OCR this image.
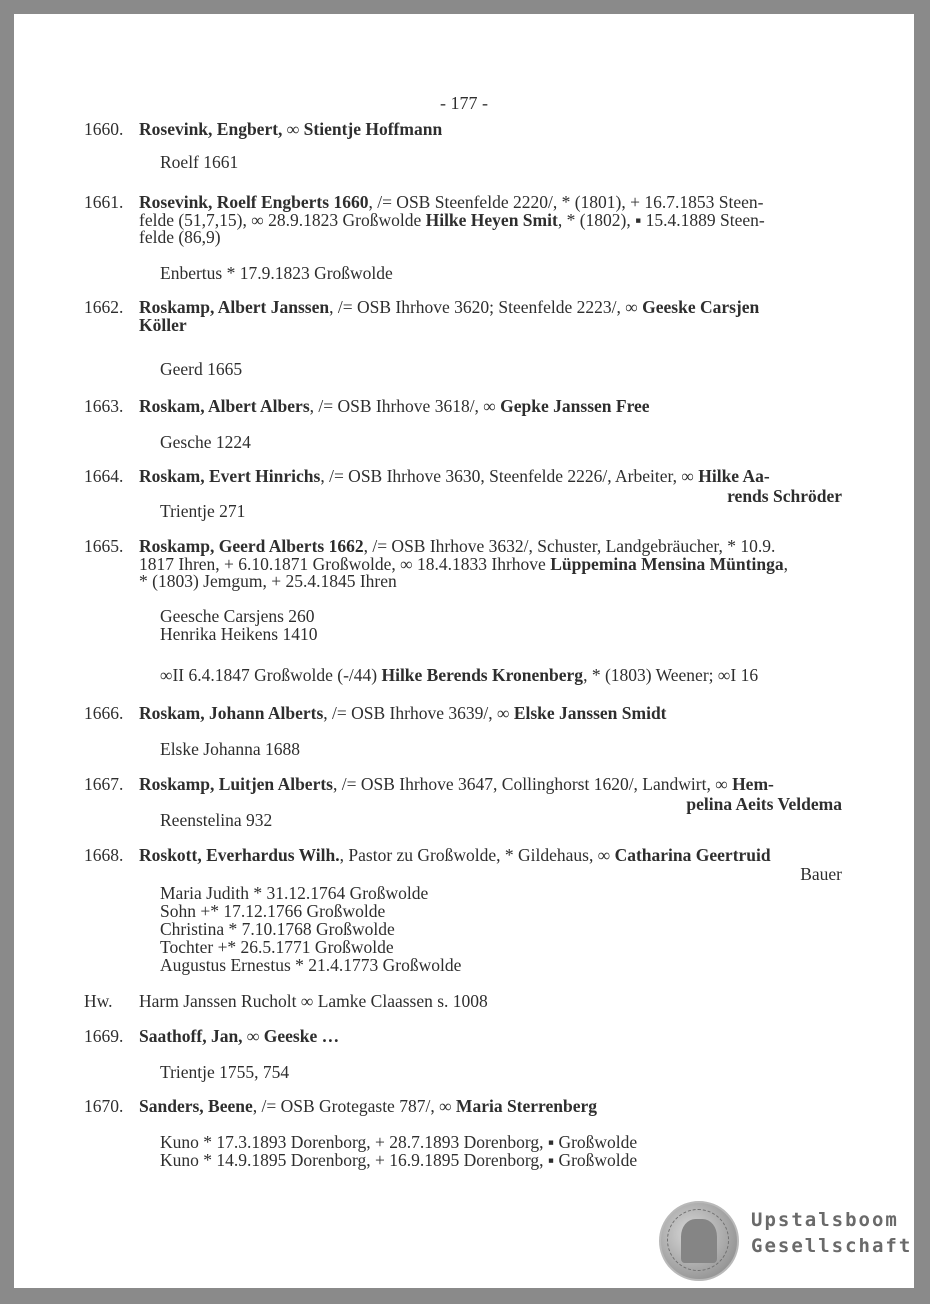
- 177 -
1660. Rosevink, Engbert, ∞ Stientje Hoffmann
Roelf 1661
1661. Rosevink, Roelf Engberts 1660, /= OSB Steenfelde 2220/, * (1801), + 16.7.1853 Steen-
felde (51,7,15), ∞ 28.9.1823 Großwolde Hilke Heyen Smit, * (1802), ▪ 15.4.1889 Steen-
felde (86,9)
Enbertus * 17.9.1823 Großwolde
1662. Roskamp, Albert Janssen, /= OSB Ihrhove 3620; Steenfelde 2223/, ∞ Geeske Carsjen
Köller
Geerd 1665
1663. Roskam, Albert Albers, /= OSB Ihrhove 3618/, ∞ Gepke Janssen Free
Gesche 1224
1664. Roskam, Evert Hinrichs, /= OSB Ihrhove 3630, Steenfelde 2226/, Arbeiter, ∞ Hilke Aa-
rends Schröder
Trientje 271
1665. Roskamp, Geerd Alberts 1662, /= OSB Ihrhove 3632/, Schuster, Landgebräucher, * 10.9.
1817 Ihren, + 6.10.1871 Großwolde, ∞ 18.4.1833 Ihrhove Lüppemina Mensina Müntinga,
* (1803) Jemgum, + 25.4.1845 Ihren
Geesche Carsjens 260
Henrika Heikens 1410
∞II 6.4.1847 Großwolde (-/44) Hilke Berends Kronenberg, * (1803) Weener; ∞I 16
1666. Roskam, Johann Alberts, /= OSB Ihrhove 3639/, ∞ Elske Janssen Smidt
Elske Johanna 1688
1667. Roskamp, Luitjen Alberts, /= OSB Ihrhove 3647, Collinghorst 1620/, Landwirt, ∞ Hem-
pelina Aeits Veldema
Reenstelina 932
1668. Roskott, Everhardus Wilh., Pastor zu Großwolde, * Gildehaus, ∞ Catharina Geertruid
Bauer
Maria Judith * 31.12.1764 Großwolde
Sohn +* 17.12.1766 Großwolde
Christina * 7.10.1768 Großwolde
Tochter +* 26.5.1771 Großwolde
Augustus Ernestus * 21.4.1773 Großwolde
Hw. Harm Janssen Rucholt ∞ Lamke Claassen s. 1008
1669. Saathoff, Jan, ∞ Geeske …
Trientje 1755, 754
1670. Sanders, Beene, /= OSB Grotegaste 787/, ∞ Maria Sterrenberg
Kuno * 17.3.1893 Dorenborg, + 28.7.1893 Dorenborg, ▪ Großwolde
Kuno * 14.9.1895 Dorenborg, + 16.9.1895 Dorenborg, ▪ Großwolde
Upstalsboom
Gesellschaft
